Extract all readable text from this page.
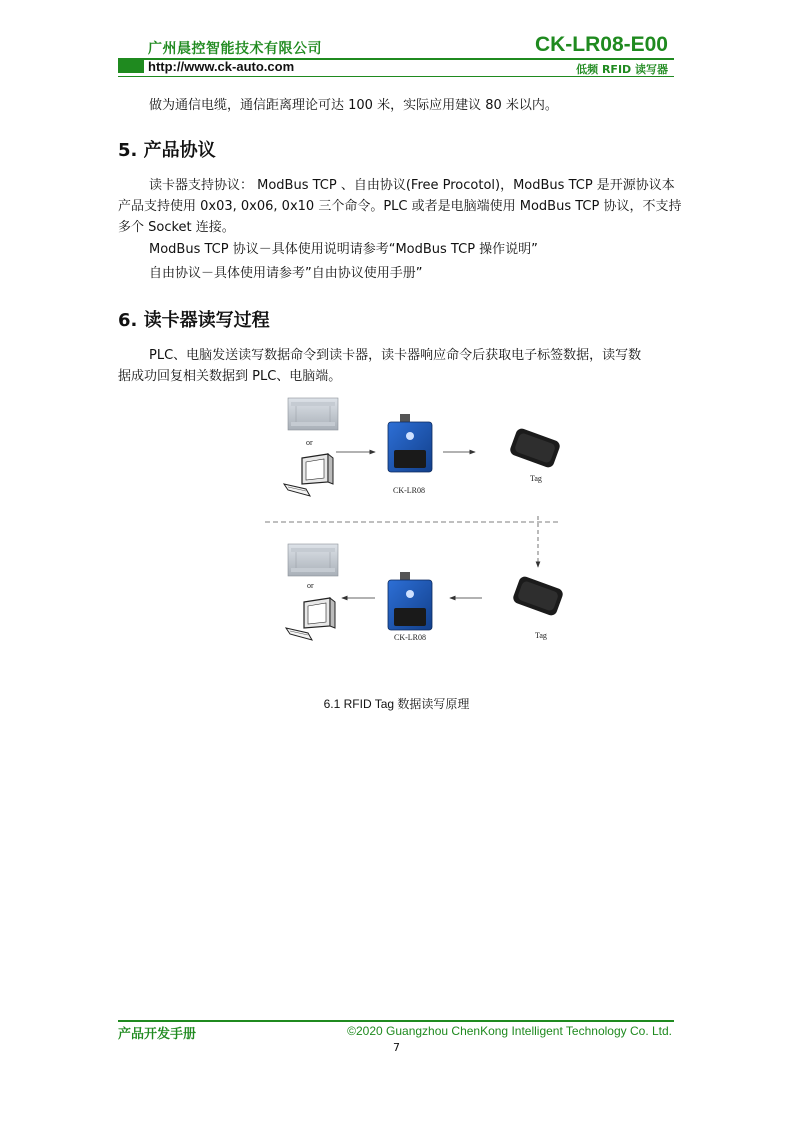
广州晨控智能技术有限公司	CK-LR08-E00
http://www.ck-auto.com	低频 RFID 读写器
做为通信电缆，通信距离理论可达 100 米，实际应用建议 80 米以内。
5. 产品协议
读卡器支持协议： ModBus TCP 、自由协议(Free Procotol)，ModBus TCP 是开源协议本
产品支持使用 0x03, 0x06, 0x10 三个命令。PLC 或者是电脑端使用 ModBus TCP 协议，不支持
多个 Socket 连接。
ModBus TCP 协议－具体使用说明请参考“ModBus TCP 操作说明”
自由协议－具体使用请参考”自由协议使用手册”
6. 读卡器读写过程
PLC、电脑发送读写数据命令到读卡器，读卡器响应命令后获取电子标签数据，读写数
据成功回复相关数据到 PLC、电脑端。
or
CK-LR08
Tag
or
CK-LR08	Tag
6.1 RFID Tag 数据读写原理
产品开发手册	©2020 Guangzhou ChenKong Intelligent Technology Co. Ltd.
7
